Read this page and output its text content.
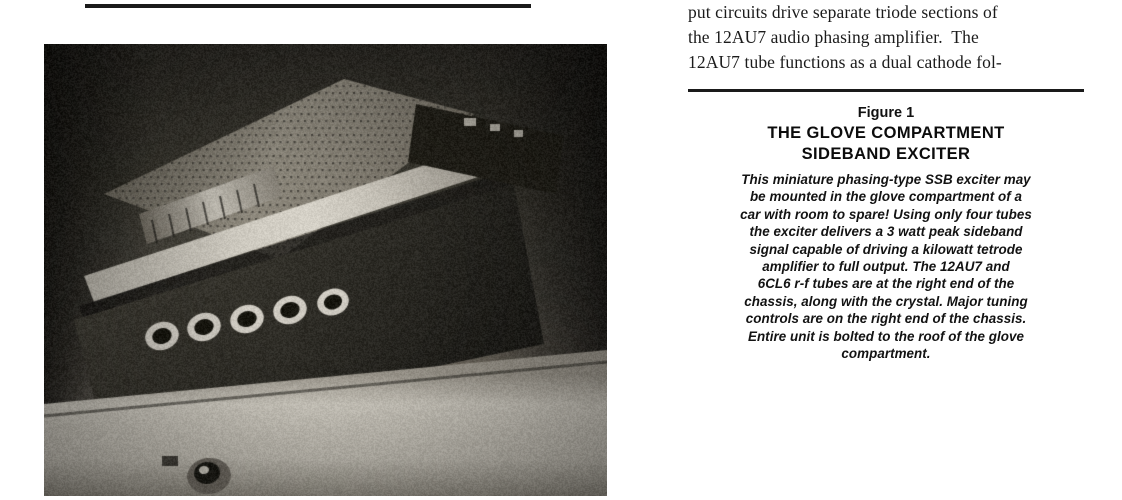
put circuits drive separate triode sections of
the 12AU7 audio phasing amplifier.  The
12AU7 tube functions as a dual cathode fol-
Figure 1
THE GLOVE COMPARTMENT
SIDEBAND EXCITER
This miniature phasing-type SSB exciter may
be mounted in the glove compartment of a
car with room to spare! Using only four tubes
the exciter delivers a 3 watt peak sideband
signal capable of driving a kilowatt tetrode
amplifier to full output. The 12AU7 and
6CL6 r-f tubes are at the right end of the
chassis, along with the crystal. Major tuning
controls are on the right end of the chassis.
Entire unit is bolted to the roof of the glove
compartment.
